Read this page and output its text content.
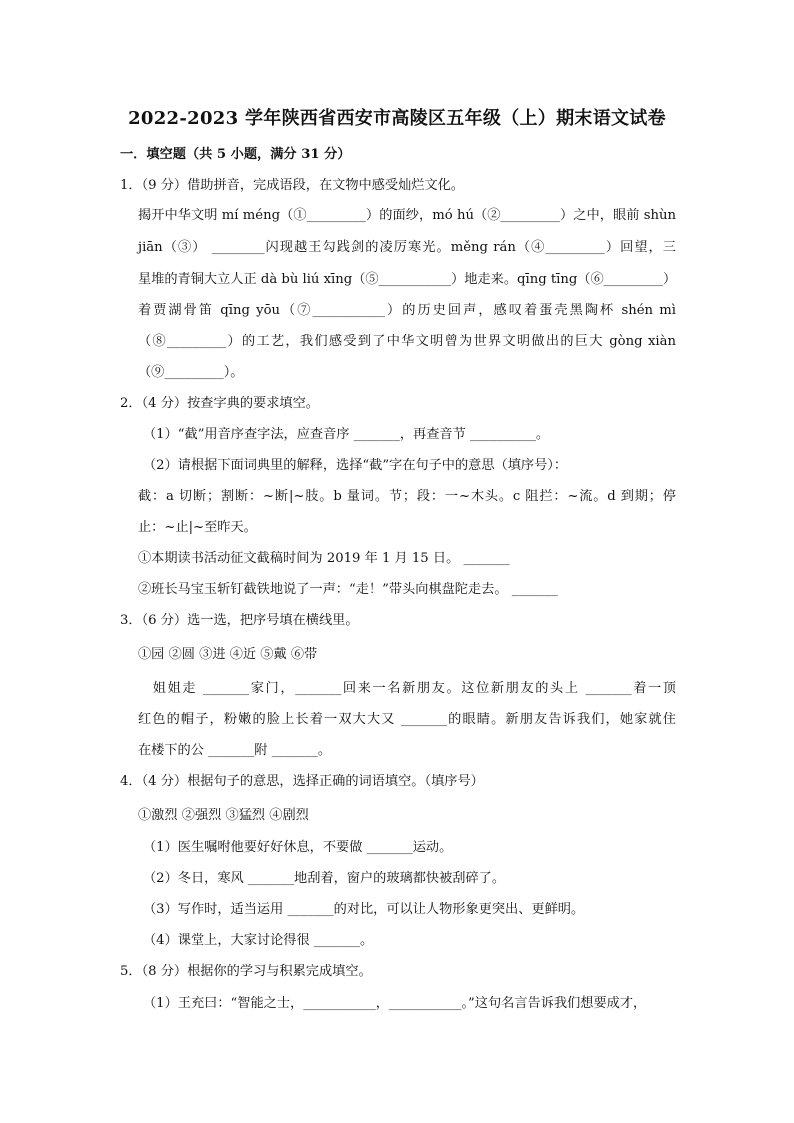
2022-2023 学年陕西省西安市高陵区五年级（上）期末语文试卷
一．填空题（共 5 小题，满分 31 分）
1．（9 分）借助拼音，完成语段，在文物中感受灿烂文化。
揭开中华文明 mí méng（①_________）的面纱，mó hú（②_________）之中，眼前 shùn
jiān（③） ________闪现越王勾践剑的凌厉寒光。měng rán（④_________）回望，三
星堆的青铜大立人正 dà bù liú xīng（⑤___________）地走来。qīng tīng（⑥_________）
着贾湖骨笛 qīng yōu（⑦___________）的历史回声，感叹着蛋壳黑陶杯 shén mì
（⑧_________）的工艺，我们感受到了中华文明曾为世界文明做出的巨大 gòng xiàn
（⑨_________）。
2．（4 分）按查字典的要求填空。
（1）“截”用音序查字法，应查音序 _______，再查音节 __________。
（2）请根据下面词典里的解释，选择“截”字在句子中的意思（填序号）：
截：a 切断；割断：~断|~肢。b 量词。节；段：一~木头。c 阻拦：~流。d 到期；停
止：~止|~至昨天。
①本期读书活动征文截稿时间为 2019 年 1 月 15 日。 _______
②班长马宝玉斩钉截铁地说了一声：“走！”带头向棋盘陀走去。 _______
3．（6 分）选一选，把序号填在横线里。
①园 ②圆 ③进 ④近 ⑤戴 ⑥带
　姐姐走 _______家门，_______回来一名新朋友。这位新朋友的头上 _______着一顶
红色的帽子，粉嫩的脸上长着一双大大又 _______的眼睛。新朋友告诉我们，她家就住
在楼下的公 _______附 _______。
4．（4 分）根据句子的意思，选择正确的词语填空。（填序号）
①激烈 ②强烈 ③猛烈 ④剧烈
（1）医生嘱咐他要好好休息，不要做 _______运动。
（2）冬日，寒风 _______地刮着，窗户的玻璃都快被刮碎了。
（3）写作时，适当运用 _______的对比，可以让人物形象更突出、更鲜明。
（4）课堂上，大家讨论得很 _______。
5．（8 分）根据你的学习与积累完成填空。
（1）王充曰：“智能之士，___________，___________。”这句名言告诉我们想要成才，
